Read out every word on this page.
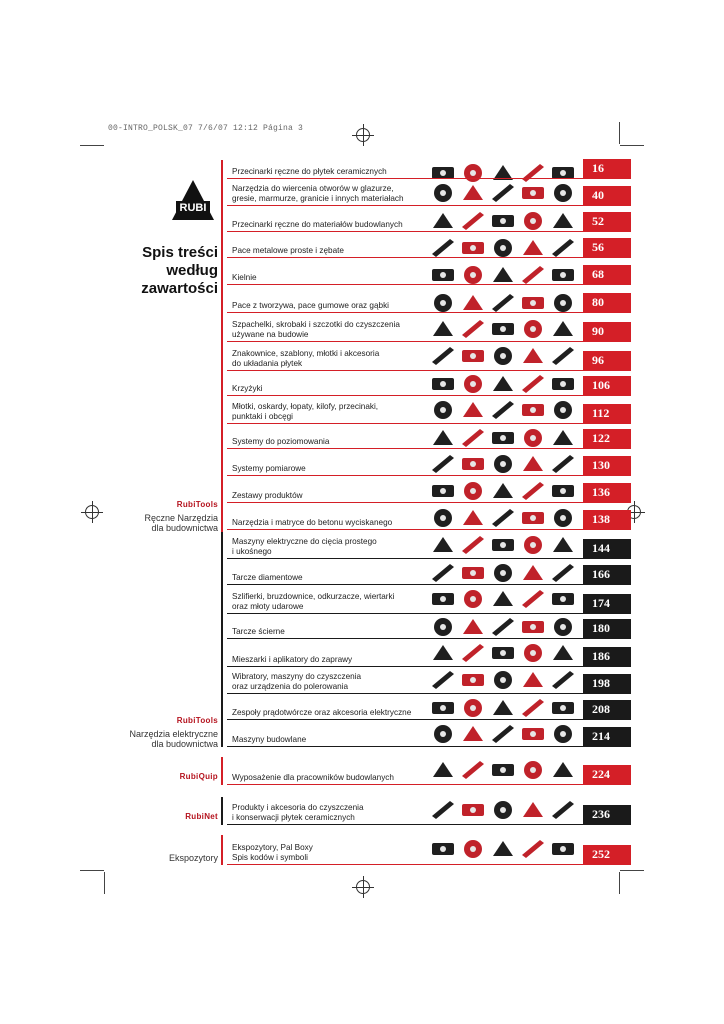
00-INTRO_POLSK_07 7/6/07 12:12 Página 3
RUBI
Spis treści
według
zawartości
RubiTools
Ręczne Narzędzia
dla budownictwa
RubiTools
Narzędzia elektryczne
dla budownictwa
RubiQuip
RubiNet
Ekspozytory
Przecinarki ręczne do płytek ceramicznych	16
Narzędzia do wiercenia otworów w glazurze,
gresie, marmurze, granicie i innych materiałach	40
Przecinarki ręczne do materiałów budowlanych	52
Pace metalowe proste i zębate	56
Kielnie	68
Pace z tworzywa, pace gumowe oraz gąbki	80
Szpachelki, skrobaki i szczotki do czyszczenia
używane na budowie	90
Znakownice, szablony, młotki i akcesoria
do układania płytek	96
Krzyżyki	106
Młotki, oskardy, łopaty, kilofy, przecinaki,
punktaki i obcęgi	112
Systemy do poziomowania	122
Systemy pomiarowe	130
Zestawy produktów	136
Narzędzia i matryce do betonu wyciskanego	138
Maszyny elektryczne do cięcia prostego
i ukośnego	144
Tarcze diamentowe	166
Szlifierki, bruzdownice, odkurzacze, wiertarki
oraz młoty udarowe	174
Tarcze ścierne	180
Mieszarki i aplikatory do zaprawy	186
Wibratory, maszyny do czyszczenia
oraz urządzenia do polerowania	198
Zespoły prądotwórcze oraz akcesoria elektryczne	208
Maszyny budowlane	214
Wyposażenie dla pracowników budowlanych	224
Produkty i akcesoria do czyszczenia
i konserwacji płytek ceramicznych	236
Ekspozytory, Pal Boxy
Spis kodów i symboli	252
